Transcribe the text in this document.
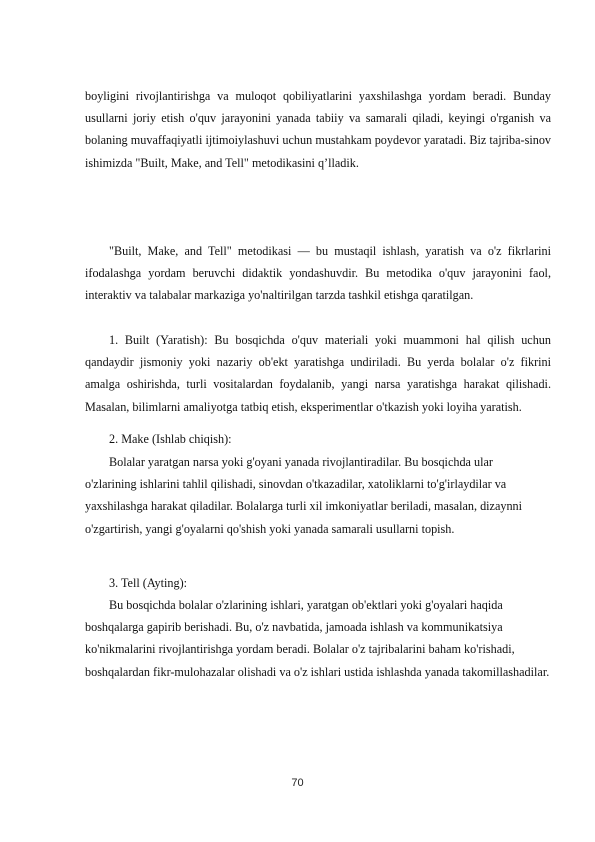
boyligini rivojlantirishga va muloqot qobiliyatlarini yaxshilashga yordam beradi. Bunday usullarni joriy etish o'quv jarayonini yanada tabiiy va samarali qiladi, keyingi o'rganish va bolaning muvaffaqiyatli ijtimoiylashuvi uchun mustahkam poydevor yaratadi. Biz tajriba-sinov ishimizda "Built, Make, and Tell" metodikasini q’lladik.

"Built, Make, and Tell" metodikasi — bu mustaqil ishlash, yaratish va o'z fikrlarini ifodalashga yordam beruvchi didaktik yondashuvdir. Bu metodika o'quv jarayonini faol, interaktiv va talabalar markaziga yo'naltirilgan tarzda tashkil etishga qaratilgan.

1. Built (Yaratish): Bu bosqichda o'quv materiali yoki muammoni hal qilish uchun qandaydir jismoniy yoki nazariy ob'ekt yaratishga undiriladi. Bu yerda bolalar o'z fikrini amalga oshirishda, turli vositalardan foydalanib, yangi narsa yaratishga harakat qilishadi. Masalan, bilimlarni amaliyotga tatbiq etish, eksperimentlar o'tkazish yoki loyiha yaratish.

2. Make (Ishlab chiqish):

Bolalar yaratgan narsa yoki g'oyani yanada rivojlantiradilar. Bu bosqichda ular o'zlarining ishlarini tahlil qilishadi, sinovdan o'tkazadilar, xatoliklarni to'g'irlaydilar va yaxshilashga harakat qiladilar. Bolalarga turli xil imkoniyatlar beriladi, masalan, dizaynni o'zgartirish, yangi g'oyalarni qo'shish yoki yanada samarali usullarni topish.

3. Tell (Ayting):

Bu bosqichda bolalar o'zlarining ishlari, yaratgan ob'ektlari yoki g'oyalari haqida boshqalarga gapirib berishadi. Bu, o'z navbatida, jamoada ishlash va kommunikatsiya ko'nikmalarini rivojlantirishga yordam beradi. Bolalar o'z tajribalarini baham ko'rishadi, boshqalardan fikr-mulohazalar olishadi va o'z ishlari ustida ishlashda yanada takomillashadilar.

70
